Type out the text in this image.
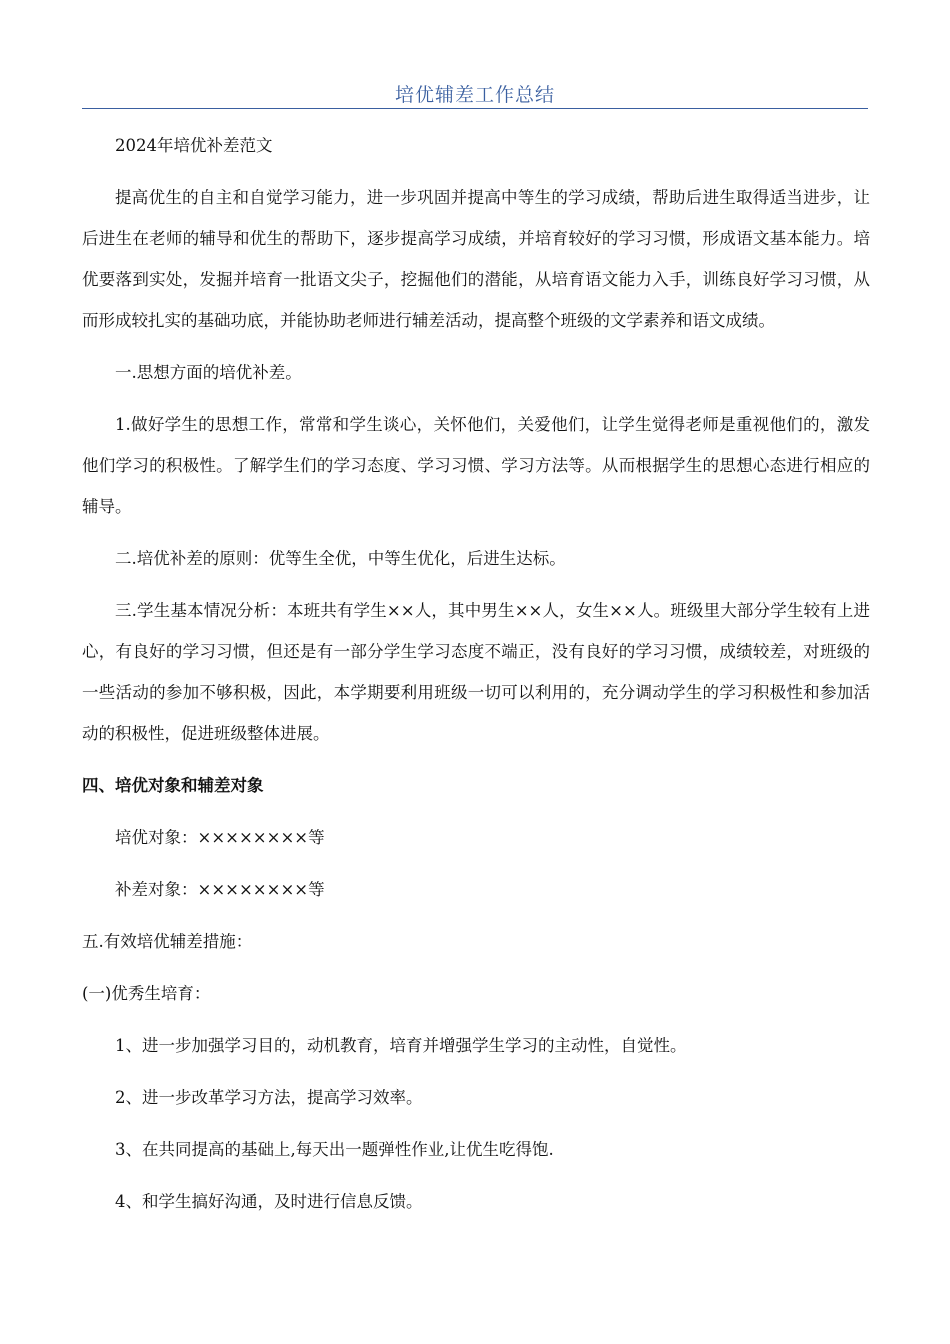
培优辅差工作总结

2024年培优补差范文

提高优生的自主和自觉学习能力，进一步巩固并提高中等生的学习成绩，帮助后进生取得适当进步，让后进生在老师的辅导和优生的帮助下，逐步提高学习成绩，并培育较好的学习习惯，形成语文基本能力。培优要落到实处，发掘并培育一批语文尖子，挖掘他们的潜能，从培育语文能力入手，训练良好学习习惯，从而形成较扎实的基础功底，并能协助老师进行辅差活动，提高整个班级的文学素养和语文成绩。

一.思想方面的培优补差。

1.做好学生的思想工作，常常和学生谈心，关怀他们，关爱他们，让学生觉得老师是重视他们的，激发他们学习的积极性。了解学生们的学习态度、学习习惯、学习方法等。从而根据学生的思想心态进行相应的辅导。

二.培优补差的原则：优等生全优，中等生优化，后进生达标。

三.学生基本情况分析：本班共有学生××人，其中男生××人，女生××人。班级里大部分学生较有上进心，有良好的学习习惯，但还是有一部分学生学习态度不端正，没有良好的学习习惯，成绩较差，对班级的一些活动的参加不够积极，因此，本学期要利用班级一切可以利用的，充分调动学生的学习积极性和参加活动的积极性，促进班级整体进展。

四、培优对象和辅差对象

培优对象：××××××××等

补差对象：××××××××等

五.有效培优辅差措施：

(一)优秀生培育：

1、进一步加强学习目的，动机教育，培育并增强学生学习的主动性，自觉性。

2、进一步改革学习方法，提高学习效率。

3、在共同提高的基础上,每天出一题弹性作业,让优生吃得饱.

4、和学生搞好沟通，及时进行信息反馈。
